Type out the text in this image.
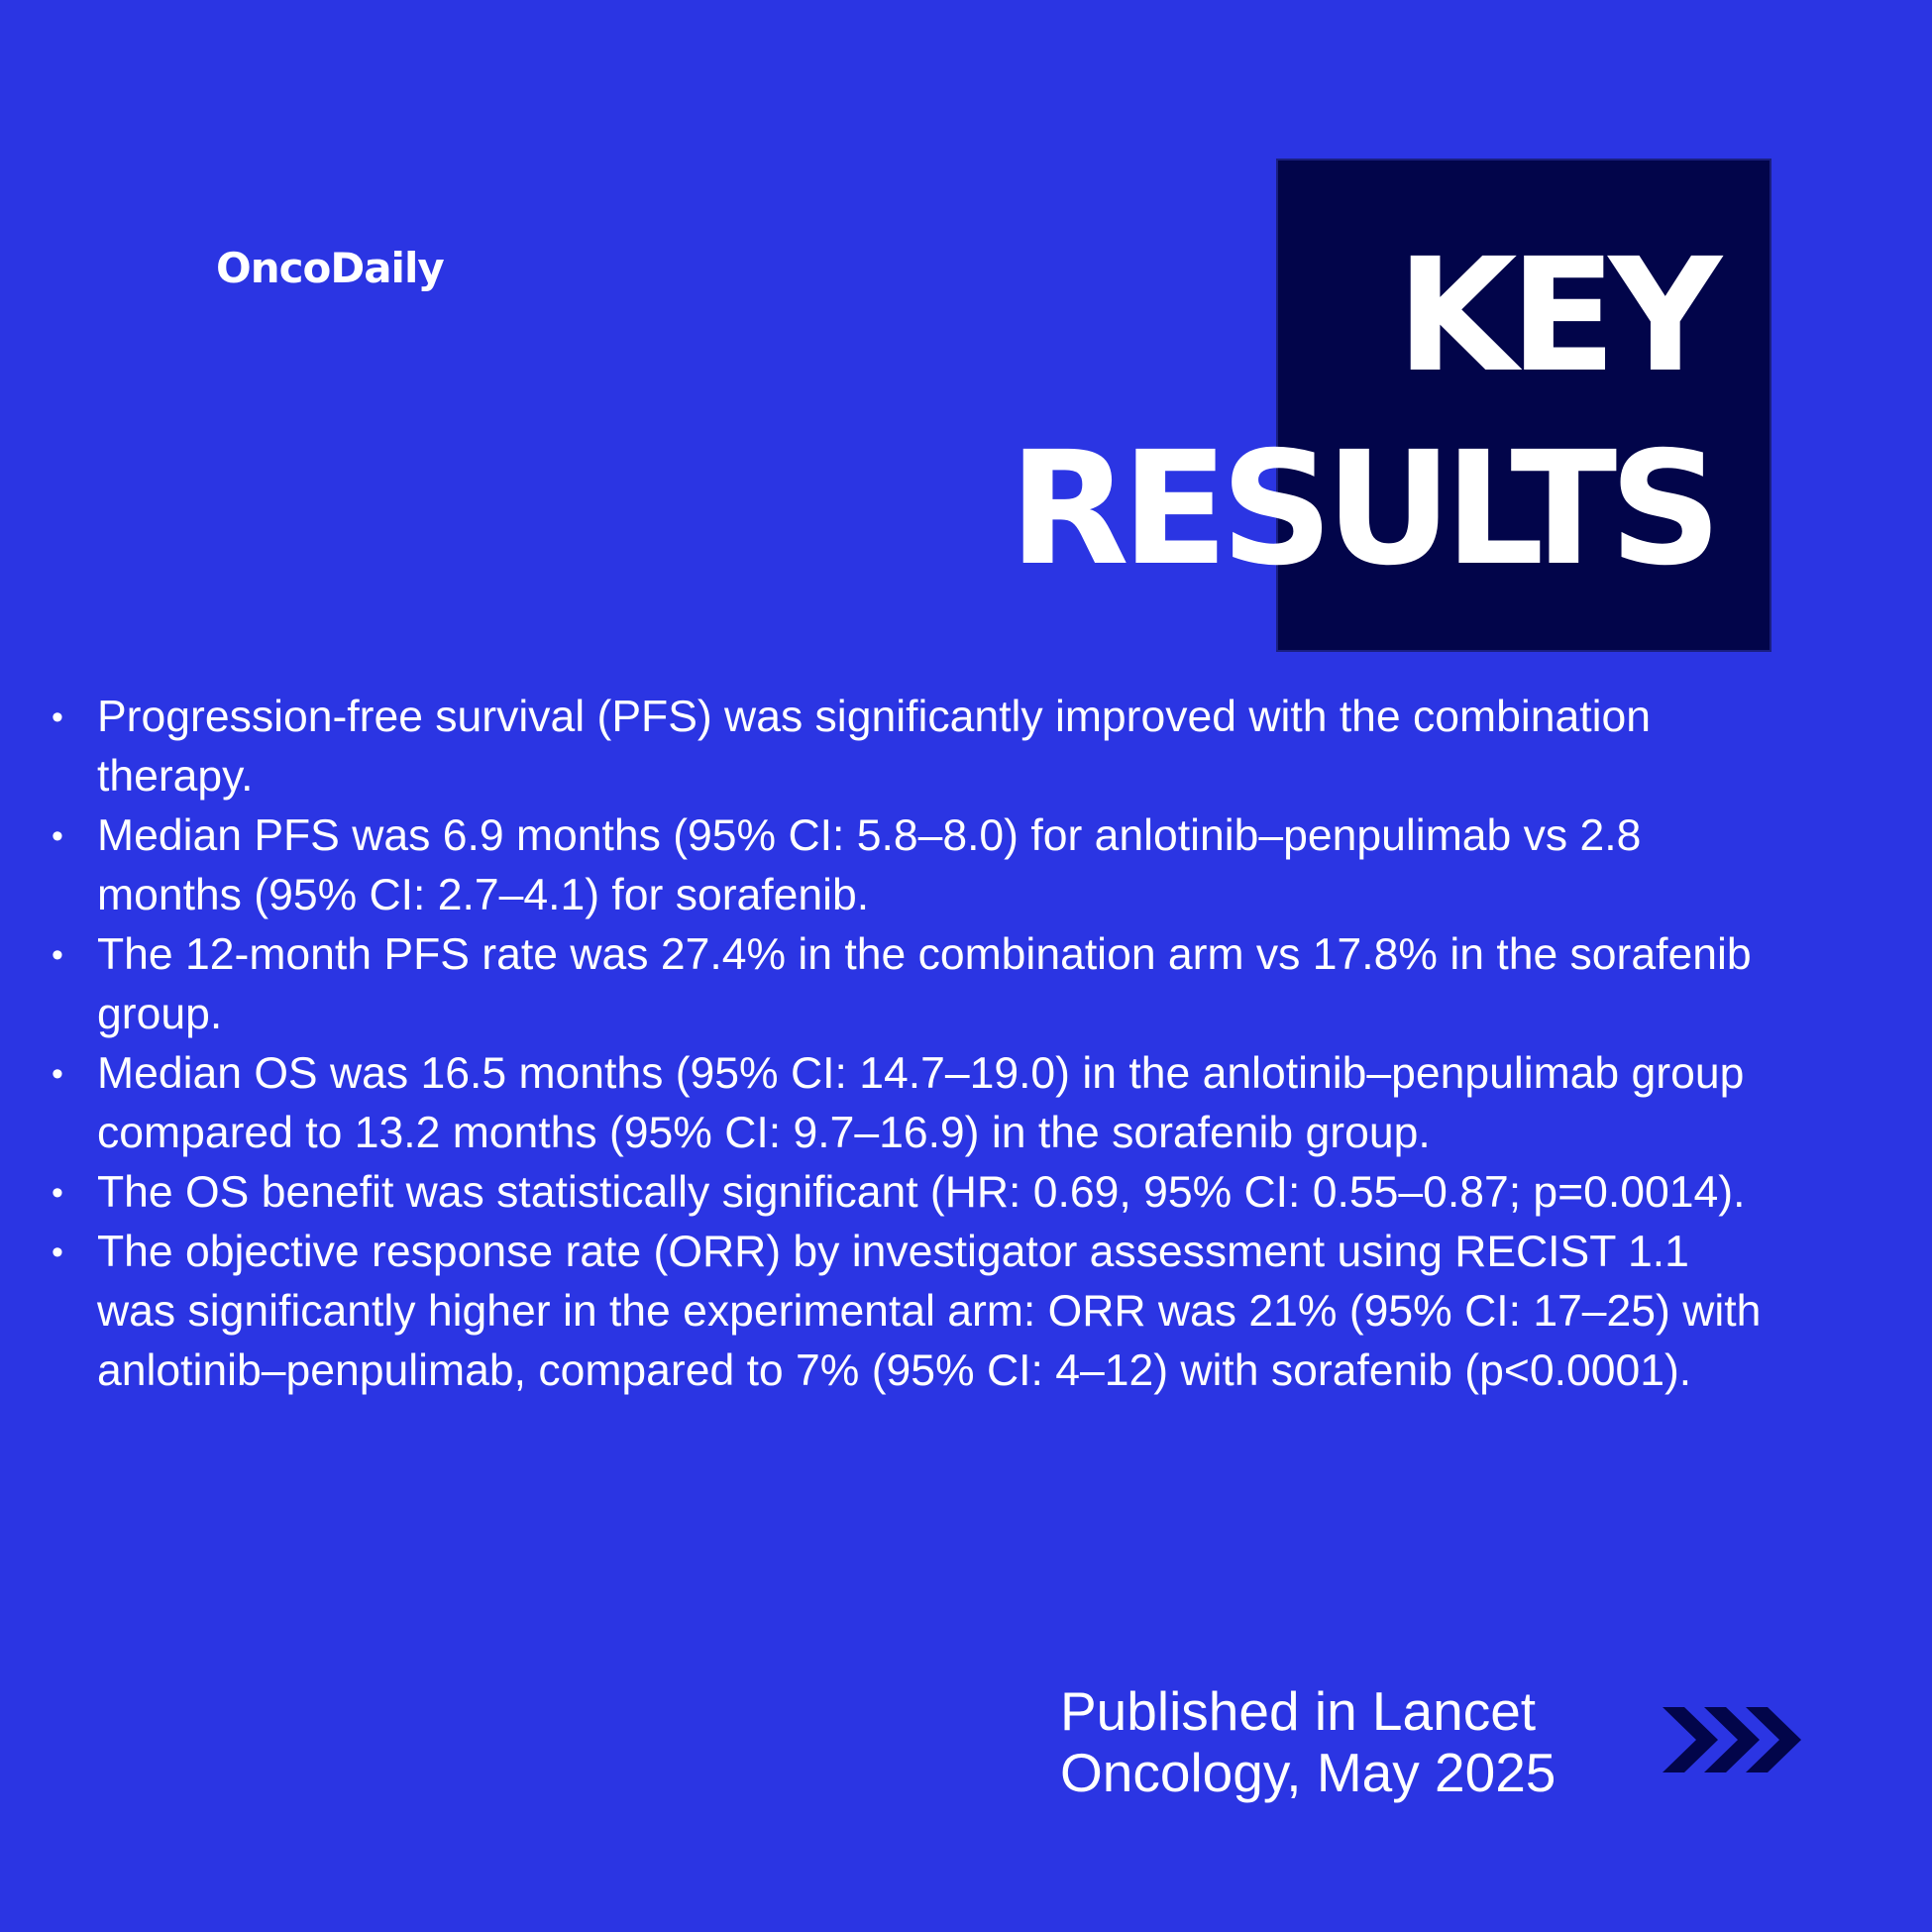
OncoDaily	KEY
RESULTS
• Progression-free survival (PFS) was significantly improved with the combination therapy.
• Median PFS was 6.9 months (95% CI: 5.8–8.0) for anlotinib–penpulimab vs 2.8 months (95% CI: 2.7–4.1) for sorafenib.
• The 12-month PFS rate was 27.4% in the combination arm vs 17.8% in the sorafenib group.
• Median OS was 16.5 months (95% CI: 14.7–19.0) in the anlotinib–penpulimab group compared to 13.2 months (95% CI: 9.7–16.9) in the sorafenib group.
• The OS benefit was statistically significant (HR: 0.69, 95% CI: 0.55–0.87; p=0.0014).
• The objective response rate (ORR) by investigator assessment using RECIST 1.1 was significantly higher in the experimental arm: ORR was 21% (95% CI: 17–25) with anlotinib–penpulimab, compared to 7% (95% CI: 4–12) with sorafenib (p<0.0001).
Published in Lancet
Oncology, May 2025
